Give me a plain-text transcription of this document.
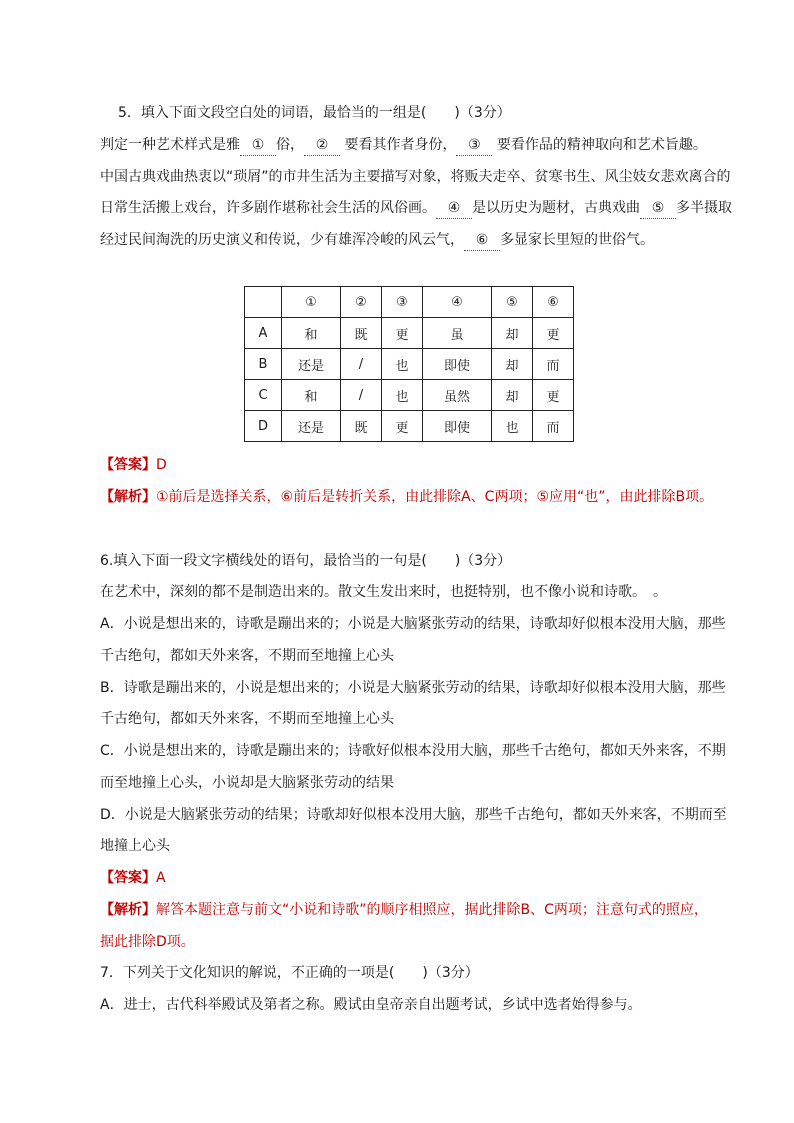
5．填入下面文段空白处的词语，最恰当的一组是(　　)（3分）
判定一种艺术样式是雅 ① 俗， ② 要看其作者身份， ③ 要看作品的精神取向和艺术旨趣。
中国古典戏曲热衷以“琐屑”的市井生活为主要描写对象，将贩夫走卒、贫寒书生、风尘妓女悲欢离合的
日常生活搬上戏台，许多剧作堪称社会生活的风俗画。 ④ 是以历史为题材，古典戏曲 ⑤ 多半摄取
经过民间淘洗的历史演义和传说，少有雄浑冷峻的风云气， ⑥ 多显家长里短的世俗气。
	①	②	③	④	⑤	⑥
A	和	既	更	虽	却	更
B	还是	/	也	即使	却	而
C	和	/	也	虽然	却	更
D	还是	既	更	即使	也	而
【答案】D
【解析】①前后是选择关系，⑥前后是转折关系，由此排除A、C两项；⑤应用“也”，由此排除B项。
6.填入下面一段文字横线处的语句，最恰当的一句是(　　)（3分）
在艺术中，深刻的都不是制造出来的。散文生发出来时，也挺特别，也不像小说和诗歌。　。
A．小说是想出来的，诗歌是蹦出来的；小说是大脑紧张劳动的结果，诗歌却好似根本没用大脑，那些
千古绝句，都如天外来客，不期而至地撞上心头
B．诗歌是蹦出来的，小说是想出来的；小说是大脑紧张劳动的结果，诗歌却好似根本没用大脑，那些
千古绝句，都如天外来客，不期而至地撞上心头
C．小说是想出来的，诗歌是蹦出来的；诗歌好似根本没用大脑，那些千古绝句，都如天外来客，不期
而至地撞上心头，小说却是大脑紧张劳动的结果
D．小说是大脑紧张劳动的结果；诗歌却好似根本没用大脑，那些千古绝句，都如天外来客，不期而至
地撞上心头
【答案】A
【解析】解答本题注意与前文“小说和诗歌”的顺序相照应，据此排除B、C两项；注意句式的照应，
据此排除D项。
7．下列关于文化知识的解说，不正确的一项是(　　)（3分）
A．进士，古代科举殿试及第者之称。殿试由皇帝亲自出题考试，乡试中选者始得参与。
